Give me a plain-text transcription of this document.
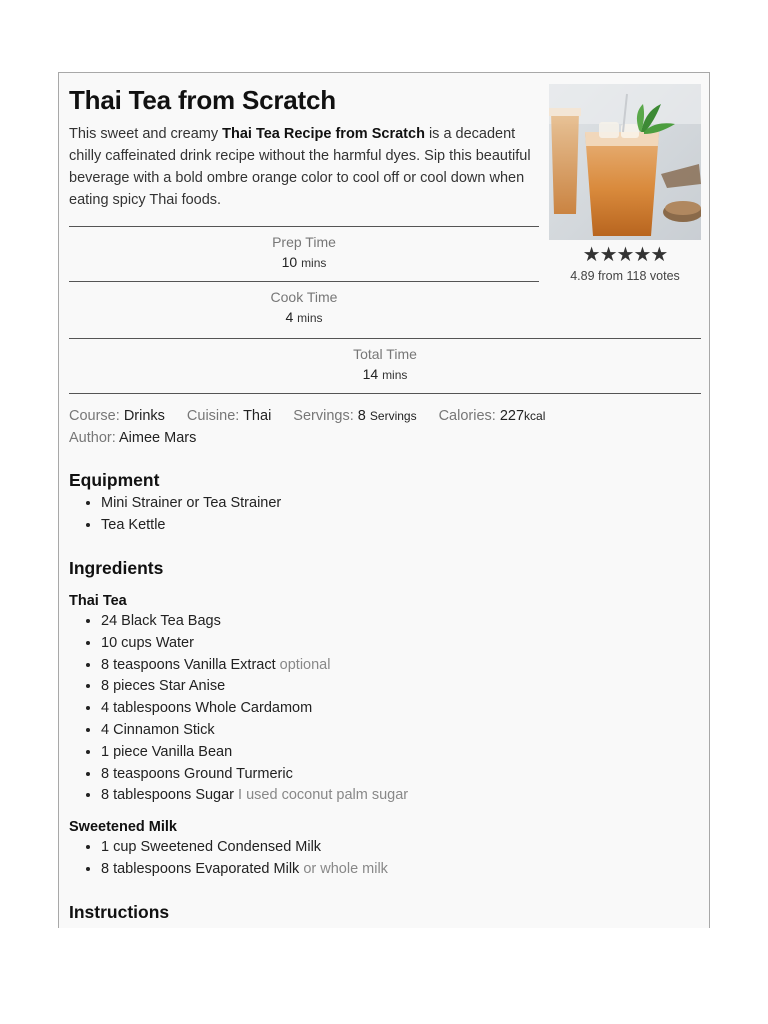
Thai Tea from Scratch

This sweet and creamy Thai Tea Recipe from Scratch is a decadent chilly caffeinated drink recipe without the harmful dyes. Sip this beautiful beverage with a bold ombre orange color to cool off or cool down when eating spicy Thai foods.

★★★★★
4.89 from 118 votes
Prep Time
10 mins
Cook Time
4 mins
Total Time
14 mins
Course: Drinks Cuisine: Thai Servings: 8 Servings Calories: 227kcal
Author: Aimee Mars
Equipment
• Mini Strainer or Tea Strainer
• Tea Kettle
Ingredients
Thai Tea
• 24 Black Tea Bags
• 10 cups Water
• 8 teaspoons Vanilla Extract optional
• 8 pieces Star Anise
• 4 tablespoons Whole Cardamom
• 4 Cinnamon Stick
• 1 piece Vanilla Bean
• 8 teaspoons Ground Turmeric
• 8 tablespoons Sugar I used coconut palm sugar
Sweetened Milk
• 1 cup Sweetened Condensed Milk
• 8 tablespoons Evaporated Milk or whole milk
Instructions
